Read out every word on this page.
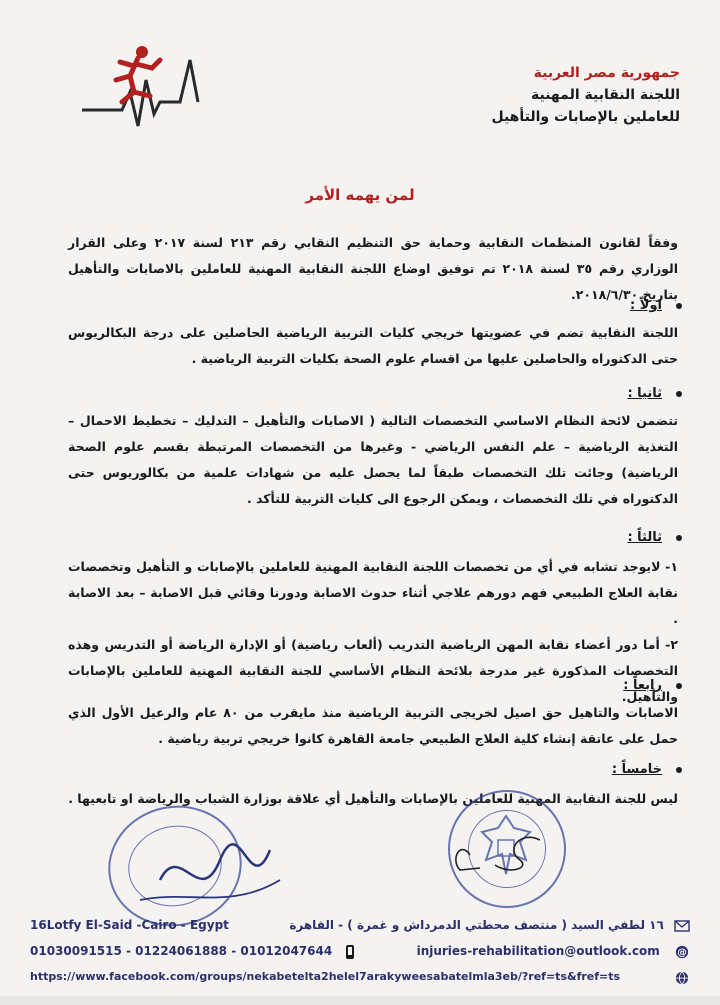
جمهورية مصر العربية
اللجنة النقابية المهنية
للعاملين بالإصابات والتأهيل
لمن يهمه الأمر
وفقاً لقانون المنظمات النقابية وحماية حق التنظيم النقابي رقم ٢١٣ لسنة ٢٠١٧ وعلى القرار الوزاري رقم ٣٥ لسنة ٢٠١٨ تم توفيق اوضاع اللجنة النقابية المهنية للعاملين بالاصابات والتأهيل بتاريخ ٢٠١٨/٦/٣٠.
اولاً :
اللجنة النقابية تضم في عضويتها خريجي كليات التربية الرياضية الحاصلين على درجة البكالريوس حتى الدكتوراه والحاصلين عليها من اقسام علوم الصحة بكليات التربية الرياضية .
ثانيا :
تتضمن لائحة النظام الاساسي التخصصات التالية ( الاصابات والتأهيل – التدليك – تخطيط الاحمال – التغذية الرياضية – علم النفس الرياضي - وغيرها من التخصصات المرتبطة بقسم علوم الصحة الرياضية) وجائت تلك التخصصات طبقاً لما يحصل عليه من شهادات علمية من بكالوريوس حتى الدكتوراه في تلك التخصصات ، ويمكن الرجوع الى كليات التربية للتأكد .
ثالثاً :
١- لايوجد تشابه في أي من تخصصات اللجنة النقابية المهنية للعاملين بالإصابات و التأهيل وتخصصات نقابة العلاج الطبيعي فهم دورهم علاجي أثناء حدوث الاصابة ودورنا وقائي قبل الاصابة – بعد الاصابة .
٢- أما دور أعضاء نقابة المهن الرياضية التدريب (ألعاب رياضية) أو الإدارة الرياضة أو التدريس وهذه التخصصات المذكورة غير مدرجة بلائحة النظام الأساسي للجنة النقابية المهنية للعاملين بالإصابات والتأهيل.
رابعاً :
الاصابات والتاهيل حق اصيل لخريجى التربية الرياضية منذ مايقرب من ٨٠ عام والرعيل الأول الذي حمل على عاتقة إنشاء كلية العلاج الطبيعي جامعة القاهرة كانوا خريجي تربية رياضية .
خامساً :
ليس للجنة النقابية المهنية للعاملين بالإصابات والتأهيل أي علاقة بوزارة الشباب والرياضة او تابعيها .
16Lotfy El-Said -Cairo - Egypt	١٦ لطفي السيد ( منتصف محطتي الدمرداش و غمرة ) - القاهرة
01030091515 - 01224061888 - 01012047644	injuries-rehabilitation@outlook.com @
https://www.facebook.com/groups/nekabetelta2helel7arakyweesabatelmla3eb/?ref=ts&fref=ts
